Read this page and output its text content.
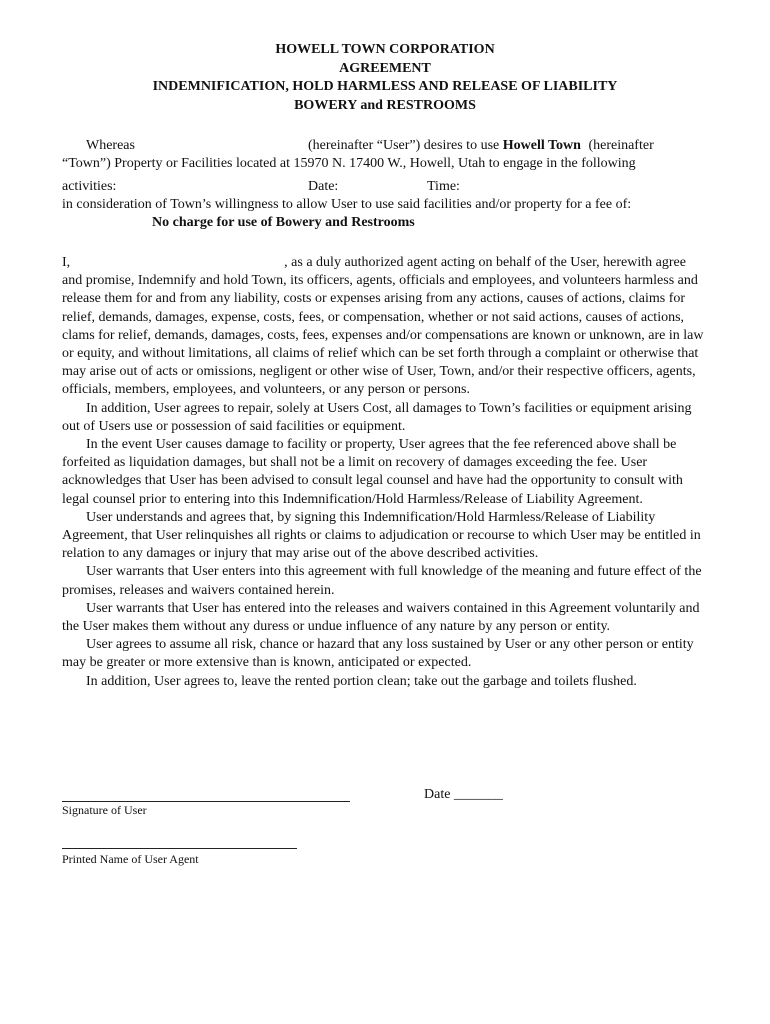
HOWELL TOWN CORPORATION
AGREEMENT
INDEMNIFICATION, HOLD HARMLESS AND RELEASE OF LIABILITY
BOWERY and RESTROOMS
Whereas	(hereinafter “User”) desires to use Howell Town (hereinafter
“Town”) Property or Facilities located at 15970 N. 17400 W., Howell, Utah to engage in the following
activities:	Date:	Time:
in consideration of Town’s willingness to allow User to use said facilities and/or property for a fee of:
No charge for use of Bowery and Restrooms

I,	, as a duly authorized agent acting on behalf of the User, herewith agree

and promise, Indemnify and hold Town, its officers, agents, officials and employees, and volunteers harmless and release them for and from any liability, costs or expenses arising from any actions, causes of actions, claims for relief, demands, damages, expense, costs, fees, or compensation, whether or not said actions, causes of actions, clams for relief, demands, damages, costs, fees, expenses and/or compensations are known or unknown, are in law or equity, and without limitations, all claims of relief which can be set forth through a complaint or otherwise that may arise out of acts or omissions, negligent or other wise of User, Town, and/or their respective officers, agents, officials, members, employees, and volunteers, or any person or persons.

In addition, User agrees to repair, solely at Users Cost, all damages to Town’s facilities or equipment arising out of Users use or possession of said facilities or equipment.

In the event User causes damage to facility or property, User agrees that the fee referenced above shall be forfeited as liquidation damages, but shall not be a limit on recovery of damages exceeding the fee. User acknowledges that User has been advised to consult legal counsel and have had the opportunity to consult with legal counsel prior to entering into this Indemnification/Hold Harmless/Release of Liability Agreement.

User understands and agrees that, by signing this Indemnification/Hold Harmless/Release of Liability Agreement, that User relinquishes all rights or claims to adjudication or recourse to which User may be entitled in relation to any damages or injury that may arise out of the above described activities.

User warrants that User enters into this agreement with full knowledge of the meaning and future effect of the promises, releases and waivers contained herein.

User warrants that User has entered into the releases and waivers contained in this Agreement voluntarily and the User makes them without any duress or undue influence of any nature by any person or entity.

User agrees to assume all risk, chance or hazard that any loss sustained by User or any other person or entity may be greater or more extensive than is known, anticipated or expected.

In addition, User agrees to, leave the rented portion clean; take out the garbage and toilets flushed.

Date _______
Signature of User
Printed Name of User Agent
